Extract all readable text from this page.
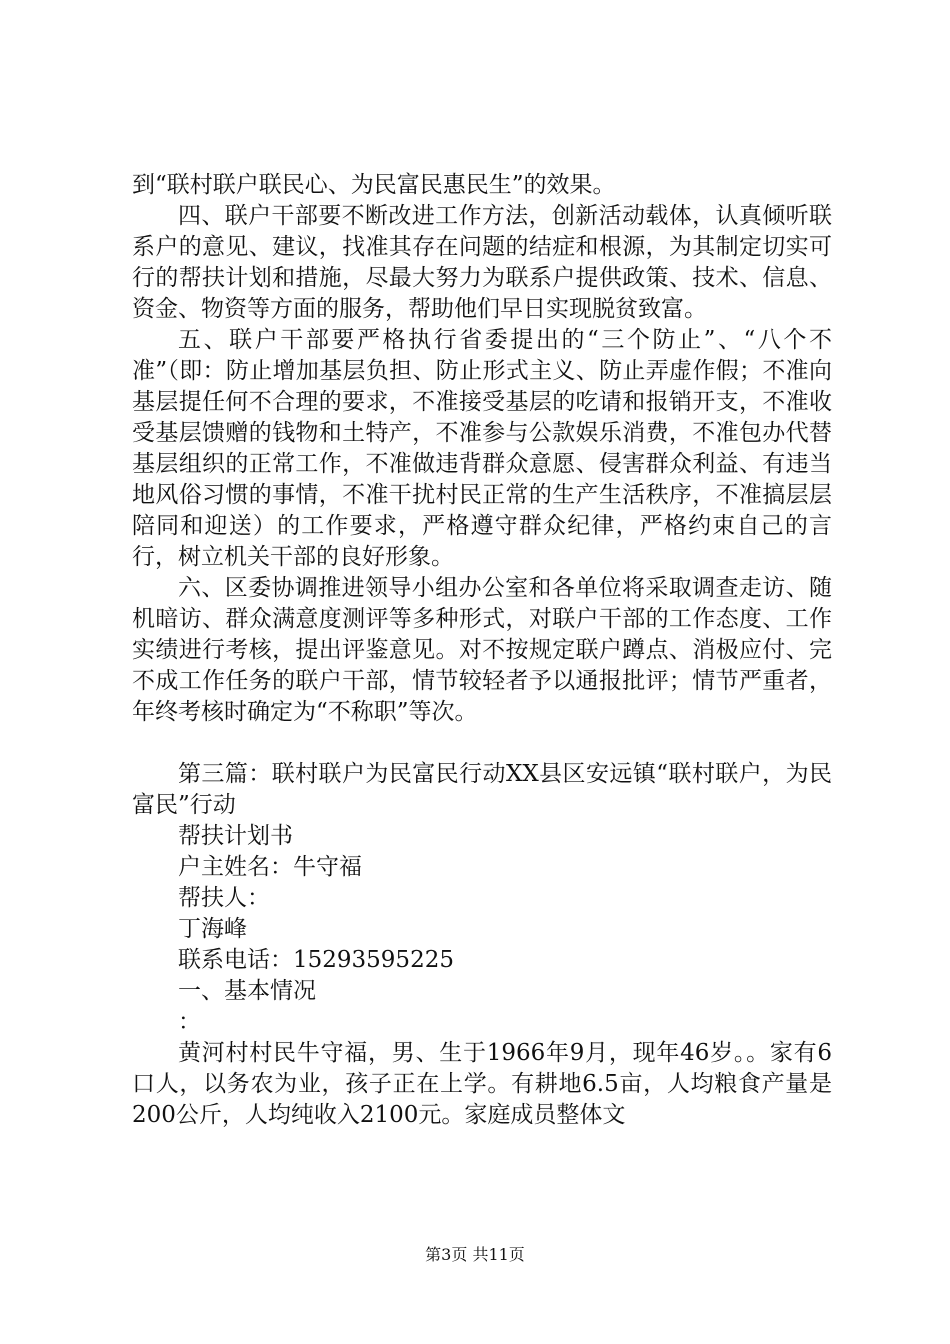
到“联村联户联民心、为民富民惠民生”的效果。

四、联户干部要不断改进工作方法，创新活动载体，认真倾听联系户的意见、建议，找准其存在问题的结症和根源，为其制定切实可行的帮扶计划和措施，尽最大努力为联系户提供政策、技术、信息、资金、物资等方面的服务，帮助他们早日实现脱贫致富。

五、联户干部要严格执行省委提出的“三个防止”、“八个不准”（即：防止增加基层负担、防止形式主义、防止弄虚作假；不准向基层提任何不合理的要求，不准接受基层的吃请和报销开支，不准收受基层馈赠的钱物和土特产，不准参与公款娱乐消费，不准包办代替基层组织的正常工作，不准做违背群众意愿、侵害群众利益、有违当地风俗习惯的事情，不准干扰村民正常的生产生活秩序，不准搞层层陪同和迎送）的工作要求，严格遵守群众纪律，严格约束自己的言行，树立机关干部的良好形象。

六、区委协调推进领导小组办公室和各单位将采取调查走访、随机暗访、群众满意度测评等多种形式，对联户干部的工作态度、工作实绩进行考核，提出评鉴意见。对不按规定联户蹲点、消极应付、完不成工作任务的联户干部，情节较轻者予以通报批评；情节严重者，年终考核时确定为“不称职”等次。

第三篇：联村联户为民富民行动XX县区安远镇“联村联户，为民富民”行动

帮扶计划书

户主姓名：牛守福

帮扶人：

丁海峰

联系电话：15293595225

一、基本情况

：

黄河村村民牛守福，男、生于1966年9月，现年46岁。。家有6口人，以务农为业，孩子正在上学。有耕地6.5亩，人均粮食产量是200公斤，人均纯收入2100元。家庭成员整体文

第3页 共11页
